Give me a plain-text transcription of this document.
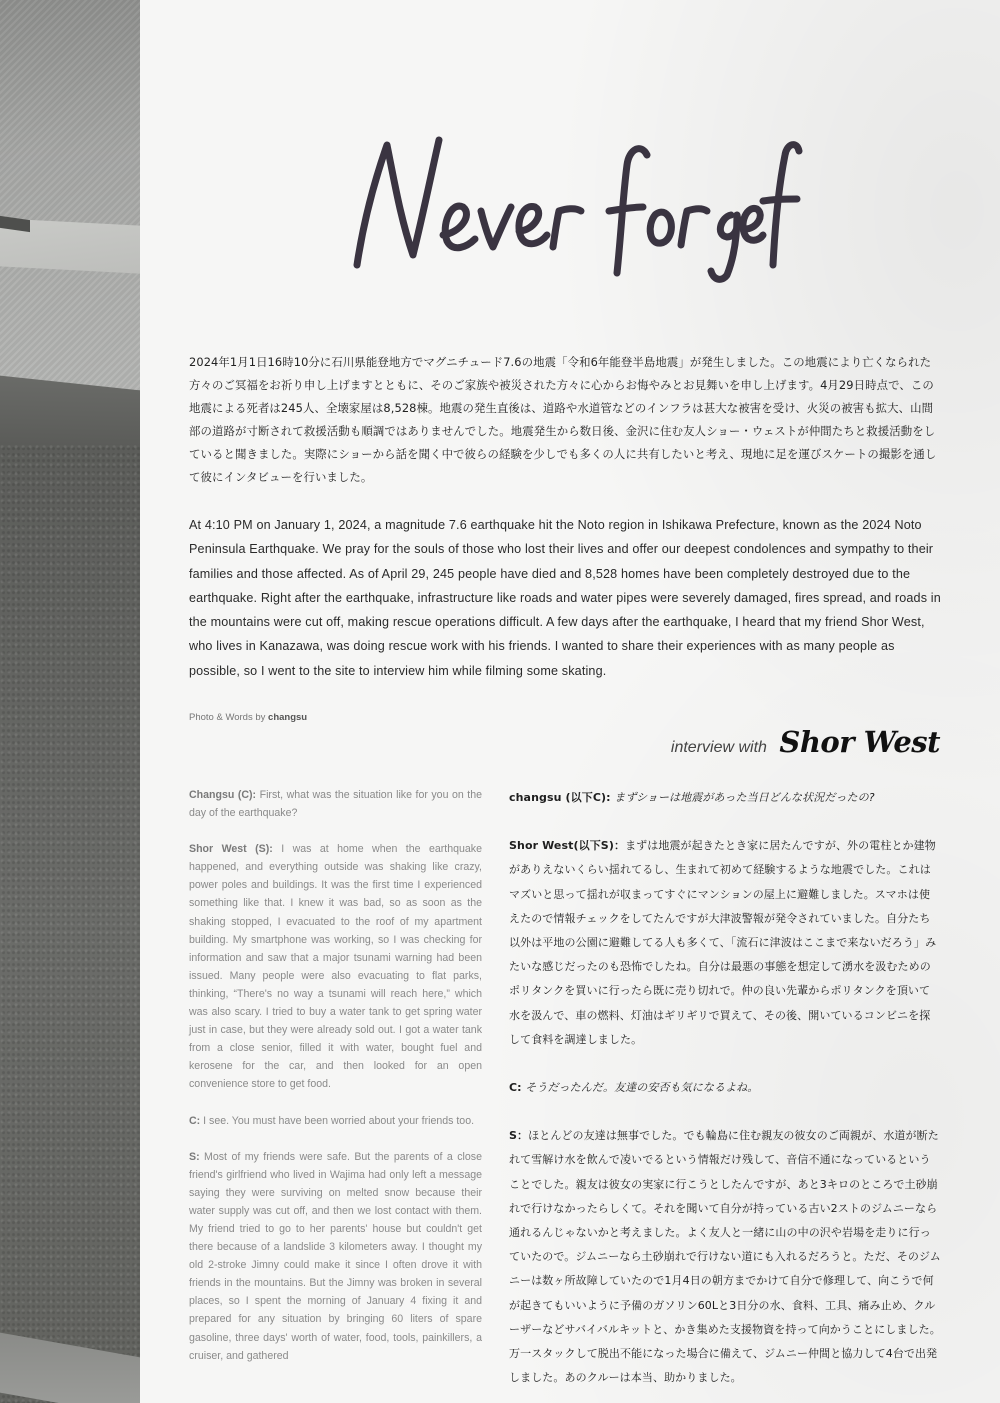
2024年1月1日16時10分に石川県能登地方でマグニチュード7.6の地震「令和6年能登半島地震」が発生しました。この地震により亡くなられた方々のご冥福をお祈り申し上げますとともに、そのご家族や被災された方々に心からお悔やみとお見舞いを申し上げます。4月29日時点で、この地震による死者は245人、全壊家屋は8,528棟。地震の発生直後は、道路や水道管などのインフラは甚大な被害を受け、火災の被害も拡大、山間部の道路が寸断されて救援活動も順調ではありませんでした。地震発生から数日後、金沢に住む友人ショー・ウェストが仲間たちと救援活動をしていると聞きました。実際にショーから話を聞く中で彼らの経験を少しでも多くの人に共有したいと考え、現地に足を運びスケートの撮影を通して彼にインタビューを行いました。

At 4:10 PM on January 1, 2024, a magnitude 7.6 earthquake hit the Noto region in Ishikawa Prefecture, known as the 2024 Noto Peninsula Earthquake. We pray for the souls of those who lost their lives and offer our deepest condolences and sympathy to their families and those affected. As of April 29, 245 people have died and 8,528 homes have been completely destroyed due to the earthquake. Right after the earthquake, infrastructure like roads and water pipes were severely damaged, fires spread, and roads in the mountains were cut off, making rescue operations difficult. A few days after the earthquake, I heard that my friend Shor West, who lives in Kanazawa, was doing rescue work with his friends. I wanted to share their experiences with as many people as possible, so I went to the site to interview him while filming some skating.

Photo & Words by changsu

interview with Shor West

Changsu (C): First, what was the situation like for you on the day of the earthquake?

Shor West (S): I was at home when the earthquake happened, and everything outside was shaking like crazy, power poles and buildings. It was the first time I experienced something like that. I knew it was bad, so as soon as the shaking stopped, I evacuated to the roof of my apartment building. My smartphone was working, so I was checking for information and saw that a major tsunami warning had been issued. Many people were also evacuating to flat parks, thinking, “There's no way a tsunami will reach here,” which was also scary. I tried to buy a water tank to get spring water just in case, but they were already sold out. I got a water tank from a close senior, filled it with water, bought fuel and kerosene for the car, and then looked for an open convenience store to get food.

C: I see. You must have been worried about your friends too.

S: Most of my friends were safe. But the parents of a close friend's girlfriend who lived in Wajima had only left a message saying they were surviving on melted snow because their water supply was cut off, and then we lost contact with them. My friend tried to go to her parents' house but couldn't get there because of a landslide 3 kilometers away. I thought my old 2-stroke Jimny could make it since I often drove it with friends in the mountains. But the Jimny was broken in several places, so I spent the morning of January 4 fixing it and prepared for any situation by bringing 60 liters of spare gasoline, three days' worth of water, food, tools, painkillers, a cruiser, and gathered

changsu (以下C): まずショーは地震があった当日どんな状況だったの?

Shor West(以下S)：まずは地震が起きたとき家に居たんですが、外の電柱とか建物がありえないくらい揺れてるし、生まれて初めて経験するような地震でした。これはマズいと思って揺れが収まってすぐにマンションの屋上に避難しました。スマホは使えたので情報チェックをしてたんですが大津波警報が発令されていました。自分たち以外は平地の公園に避難してる人も多くて、「流石に津波はここまで来ないだろう」みたいな感じだったのも恐怖でしたね。自分は最悪の事態を想定して湧水を汲むためのポリタンクを買いに行ったら既に売り切れで。仲の良い先輩からポリタンクを頂いて水を汲んで、車の燃料、灯油はギリギリで買えて、その後、開いているコンビニを探して食料を調達しました。

C: そうだったんだ。友達の安否も気になるよね。

S：ほとんどの友達は無事でした。でも輪島に住む親友の彼女のご両親が、水道が断たれて雪解け水を飲んで凌いでるという情報だけ残して、音信不通になっているということでした。親友は彼女の実家に行こうとしたんですが、あと3キロのところで土砂崩れで行けなかったらしくて。それを聞いて自分が持っている古い2ストのジムニーなら通れるんじゃないかと考えました。よく友人と一緒に山の中の沢や岩場を走りに行っていたので。ジムニーなら土砂崩れで行けない道にも入れるだろうと。ただ、そのジムニーは数ヶ所故障していたので1月4日の朝方までかけて自分で修理して、向こうで何が起きてもいいように予備のガソリン60Lと3日分の水、食料、工具、痛み止め、クルーザーなどサバイバルキットと、かき集めた支援物資を持って向かうことにしました。万一スタックして脱出不能になった場合に備えて、ジムニー仲間と協力して4台で出発しました。あのクルーは本当、助かりました。
